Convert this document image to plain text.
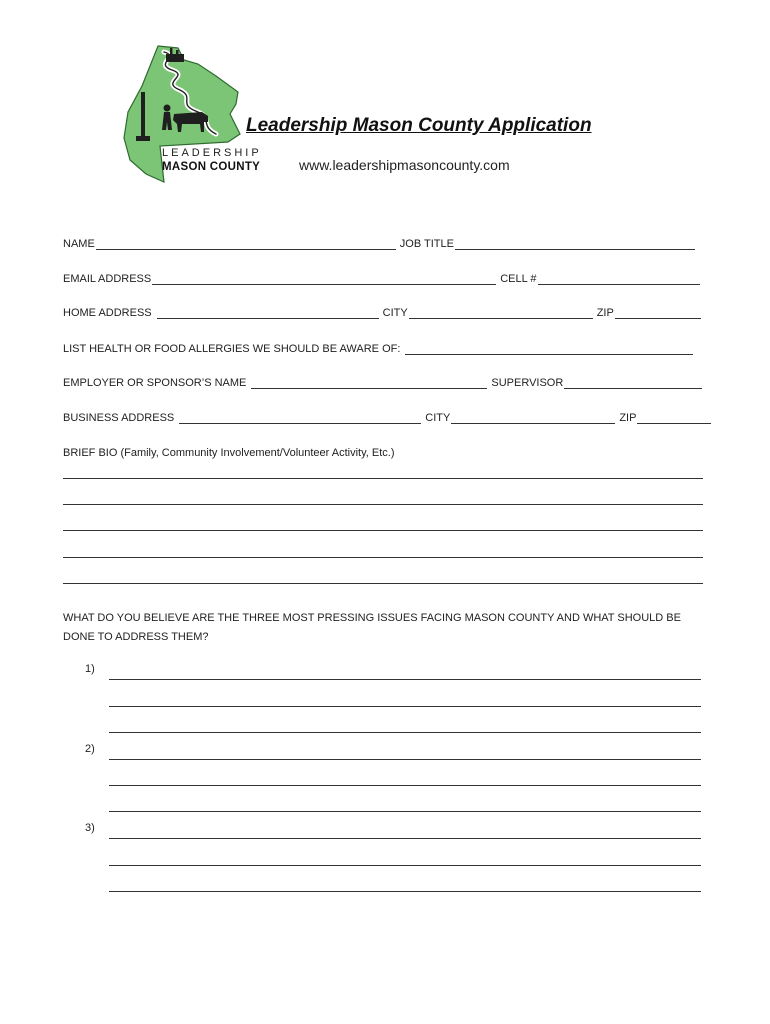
LEADERSHIP
MASON COUNTY
Leadership Mason County Application
www.leadershipmasoncounty.com
NAME	JOB TITLE
EMAIL ADDRESS	CELL #
HOME ADDRESS	CITY	ZIP
LIST HEALTH OR FOOD ALLERGIES WE SHOULD BE AWARE OF:
EMPLOYER OR SPONSOR’S NAME	SUPERVISOR
BUSINESS ADDRESS	CITY	ZIP
BRIEF BIO (Family, Community Involvement/Volunteer Activity, Etc.)
WHAT DO YOU BELIEVE ARE THE THREE MOST PRESSING ISSUES FACING MASON COUNTY AND WHAT SHOULD BE DONE TO ADDRESS THEM?
1)
2)
3)
